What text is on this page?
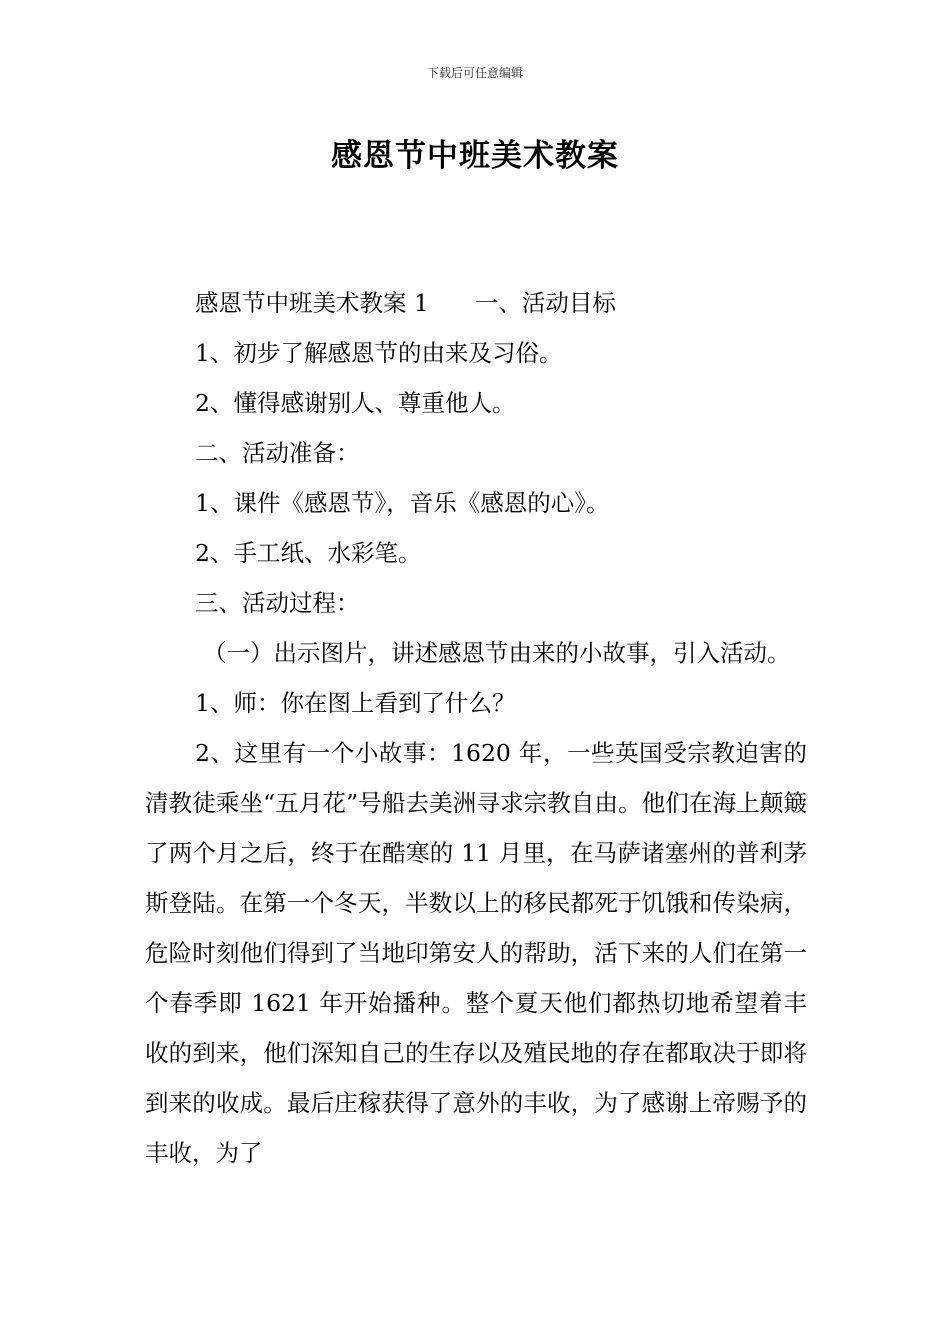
下载后可任意编辑
感恩节中班美术教案

感恩节中班美术教案 1 一、活动目标

1、初步了解感恩节的由来及习俗。

2、懂得感谢别人、尊重他人。

二、活动准备：

1、课件《感恩节》，音乐《感恩的心》。

2、手工纸、水彩笔。

三、活动过程：

（一）出示图片，讲述感恩节由来的小故事，引入活动。

1、师：你在图上看到了什么？

2、这里有一个小故事：1620 年，一些英国受宗教迫害的清教徒乘坐“五月花”号船去美洲寻求宗教自由。他们在海上颠簸了两个月之后，终于在酷寒的 11 月里，在马萨诸塞州的普利茅斯登陆。在第一个冬天，半数以上的移民都死于饥饿和传染病，危险时刻他们得到了当地印第安人的帮助，活下来的人们在第一个春季即 1621 年开始播种。整个夏天他们都热切地希望着丰收的到来，他们深知自己的生存以及殖民地的存在都取决于即将到来的收成。最后庄稼获得了意外的丰收，为了感谢上帝赐予的丰收，为了
